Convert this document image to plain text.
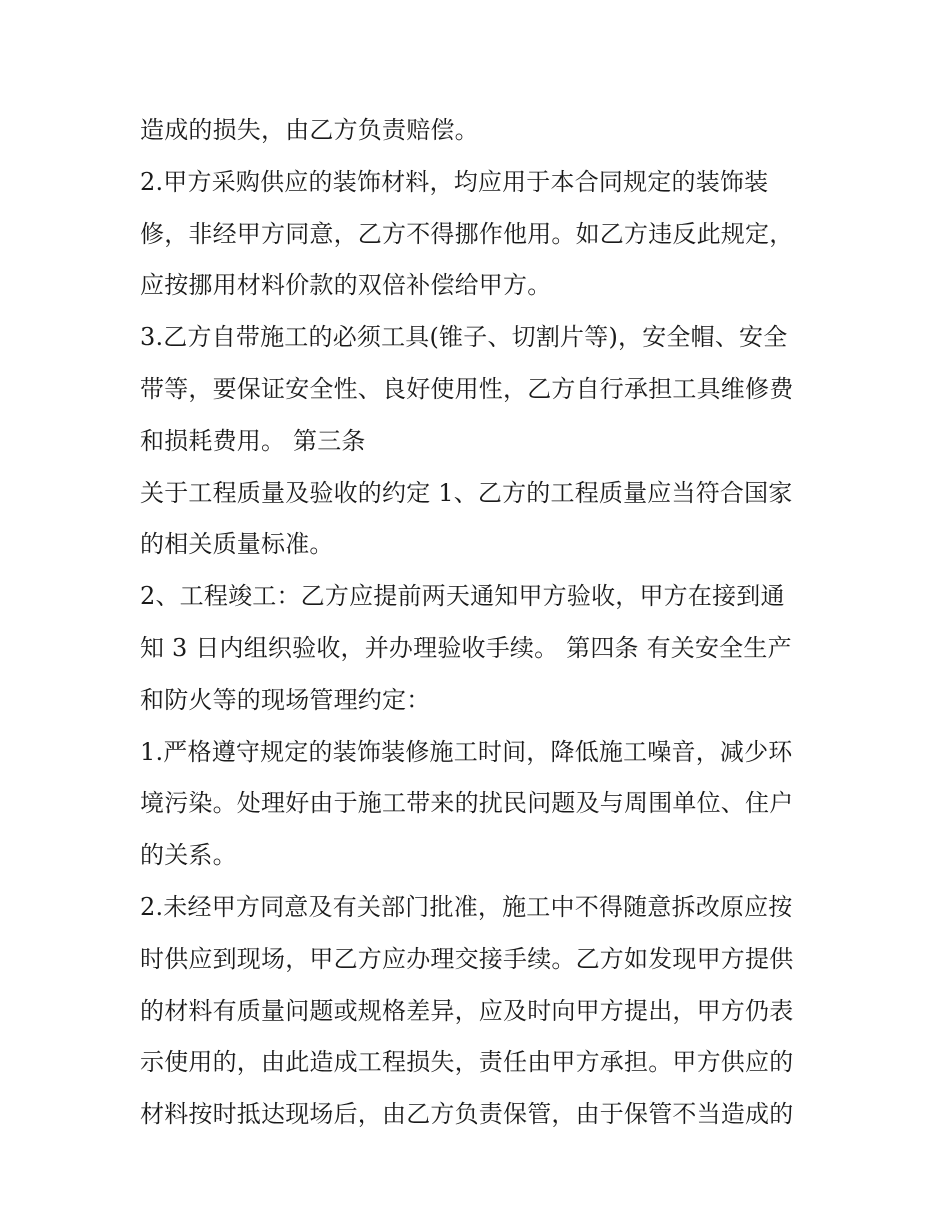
造成的损失，由乙方负责赔偿。
2.甲方采购供应的装饰材料，均应用于本合同规定的装饰装
修，非经甲方同意，乙方不得挪作他用。如乙方违反此规定，
应按挪用材料价款的双倍补偿给甲方。
3.乙方自带施工的必须工具(锥子、切割片等)，安全帽、安全
带等，要保证安全性、良好使用性，乙方自行承担工具维修费
和损耗费用。 第三条
关于工程质量及验收的约定 1、乙方的工程质量应当符合国家
的相关质量标准。
2、工程竣工：乙方应提前两天通知甲方验收，甲方在接到通
知 3 日内组织验收，并办理验收手续。 第四条 有关安全生产
和防火等的现场管理约定：
1.严格遵守规定的装饰装修施工时间，降低施工噪音，减少环
境污染。处理好由于施工带来的扰民问题及与周围单位、住户
的关系。
2.未经甲方同意及有关部门批准，施工中不得随意拆改原应按
时供应到现场，甲乙方应办理交接手续。乙方如发现甲方提供
的材料有质量问题或规格差异，应及时向甲方提出，甲方仍表
示使用的，由此造成工程损失，责任由甲方承担。甲方供应的
材料按时抵达现场后，由乙方负责保管，由于保管不当造成的
